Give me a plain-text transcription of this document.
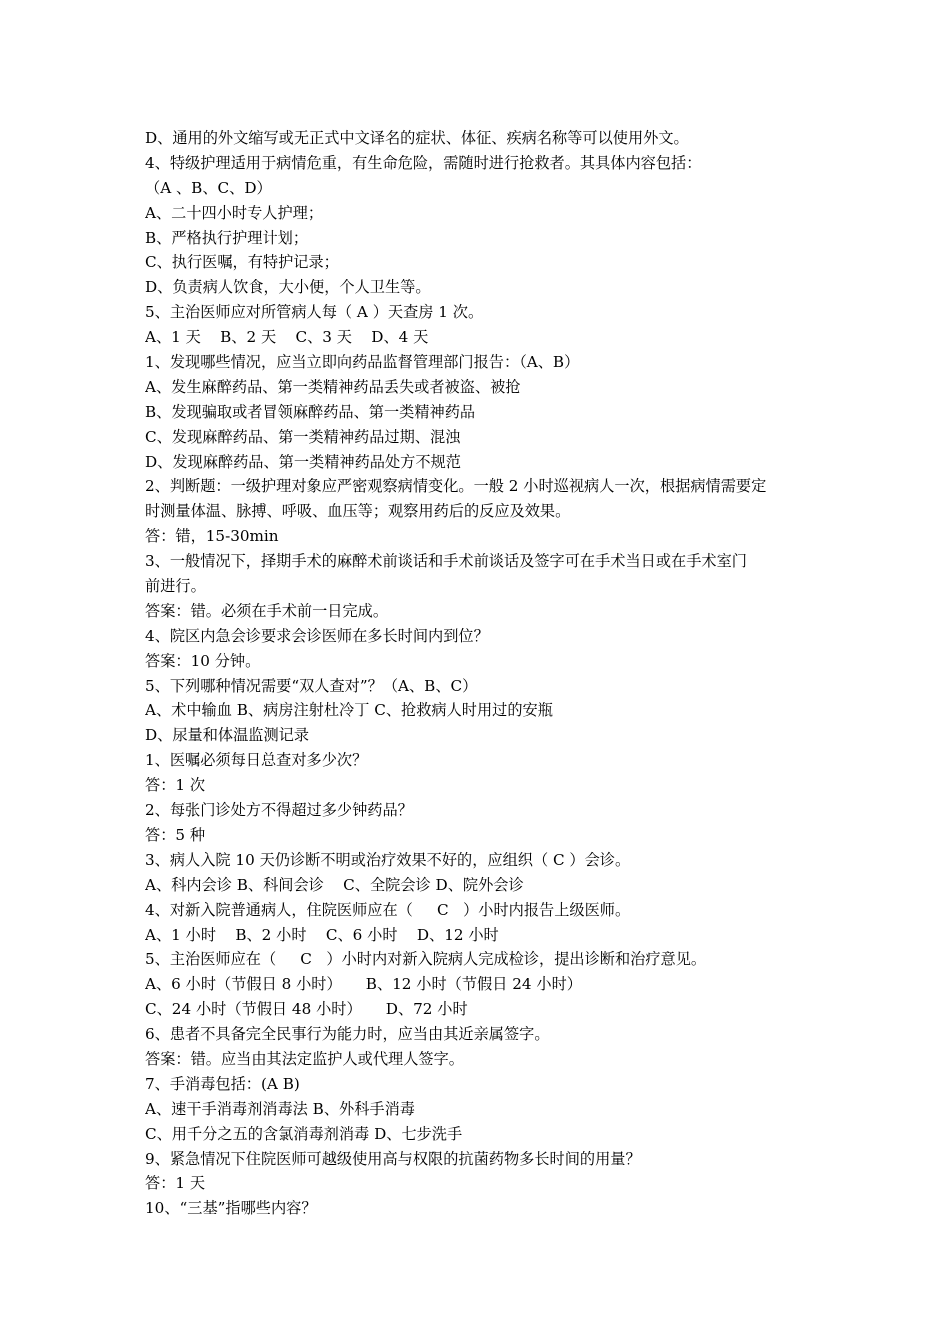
D、通用的外文缩写或无正式中文译名的症状、体征、疾病名称等可以使用外文。
4、特级护理适用于病情危重，有生命危险，需随时进行抢救者。其具体内容包括：
（A 、B、C、D）
A、二十四小时专人护理；
B、严格执行护理计划；
C、执行医嘱，有特护记录；
D、负责病人饮食，大小便，个人卫生等。
5、主治医师应对所管病人每（ A ）天查房 1 次。
A、1 天    B、2 天    C、3 天    D、4 天
1、发现哪些情况，应当立即向药品监督管理部门报告：（A、B）
A、发生麻醉药品、第一类精神药品丢失或者被盗、被抢
B、发现骗取或者冒领麻醉药品、第一类精神药品
C、发现麻醉药品、第一类精神药品过期、混浊
D、发现麻醉药品、第一类精神药品处方不规范
2、判断题：一级护理对象应严密观察病情变化。一般 2 小时巡视病人一次，根据病情需要定
时测量体温、脉搏、呼吸、血压等；观察用药后的反应及效果。
答：错，15-30min
3、一般情况下，择期手术的麻醉术前谈话和手术前谈话及签字可在手术当日或在手术室门
前进行。
答案：错。必须在手术前一日完成。
4、院区内急会诊要求会诊医师在多长时间内到位？
答案：10 分钟。
5、下列哪种情况需要“双人查对”？（A、B、C）
A、术中输血 B、病房注射杜冷丁 C、抢救病人时用过的安瓶
D、尿量和体温监测记录
1、医嘱必须每日总查对多少次？
答：1 次
2、每张门诊处方不得超过多少钟药品？
答：5 种
3、病人入院 10 天仍诊断不明或治疗效果不好的，应组织（ C ）会诊。
A、科内会诊 B、科间会诊    C、全院会诊 D、院外会诊
4、对新入院普通病人，住院医师应在（     C   ）小时内报告上级医师。
A、1 小时    B、2 小时    C、6 小时    D、12 小时
5、主治医师应在（     C   ）小时内对新入院病人完成检诊，提出诊断和治疗意见。
A、6 小时（节假日 8 小时）     B、12 小时（节假日 24 小时）
C、24 小时（节假日 48 小时）     D、72 小时
6、患者不具备完全民事行为能力时，应当由其近亲属签字。
答案：错。应当由其法定监护人或代理人签字。
7、手消毒包括：(A B)
A、速干手消毒剂消毒法 B、外科手消毒
C、用千分之五的含氯消毒剂消毒 D、七步洗手
9、紧急情况下住院医师可越级使用高与权限的抗菌药物多长时间的用量？
答：1 天
10、“三基”指哪些内容？
